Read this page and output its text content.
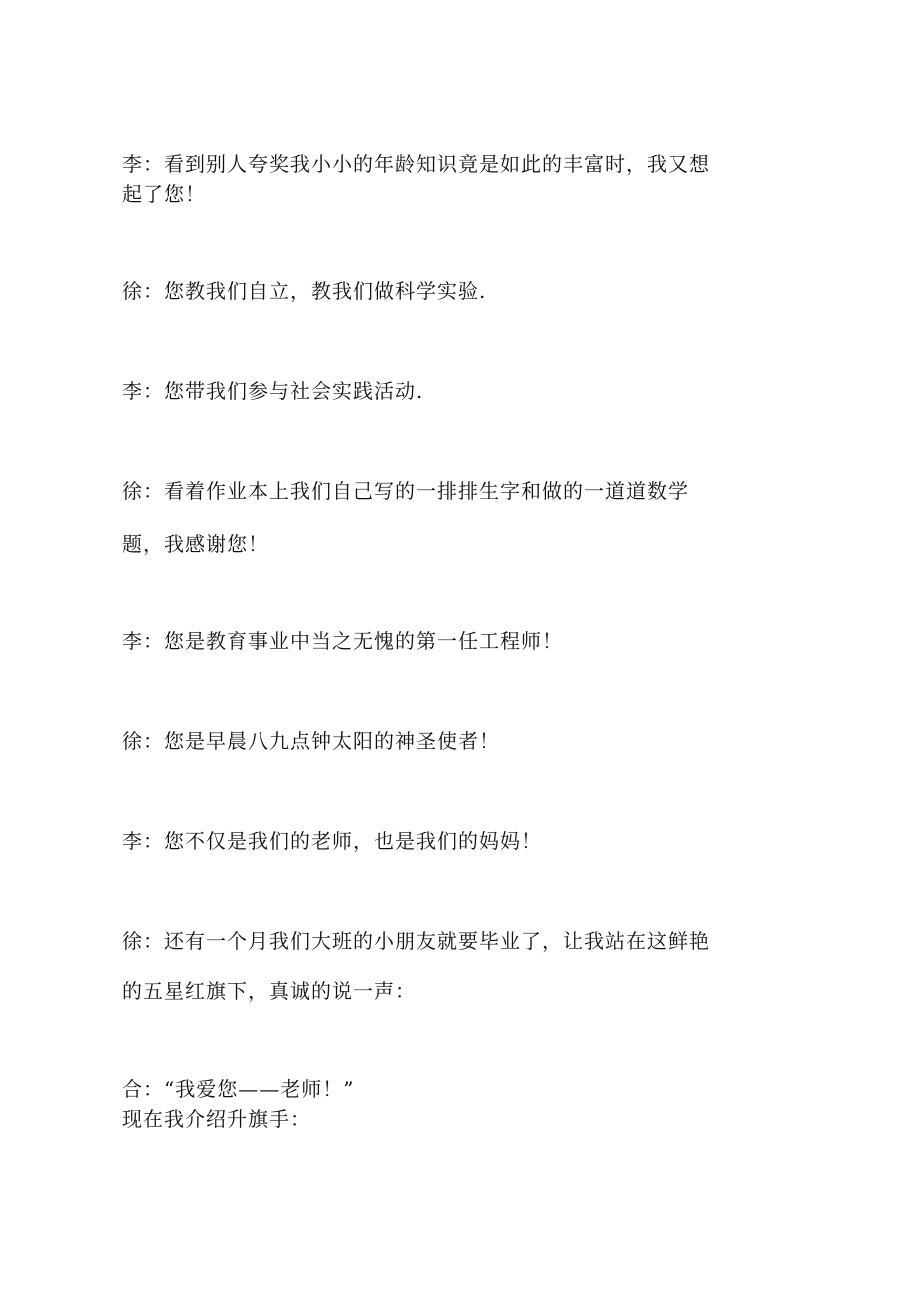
李：看到别人夸奖我小小的年龄知识竟是如此的丰富时，我又想
起了您！
徐：您教我们自立，教我们做科学实验.
李：您带我们参与社会实践活动.
徐：看着作业本上我们自己写的一排排生字和做的一道道数学
题，我感谢您！
李：您是教育事业中当之无愧的第一任工程师！
徐：您是早晨八九点钟太阳的神圣使者！
李：您不仅是我们的老师，也是我们的妈妈！
徐：还有一个月我们大班的小朋友就要毕业了，让我站在这鲜艳
的五星红旗下，真诚的说一声：
合：“我爱您——老师！”
现在我介绍升旗手：
